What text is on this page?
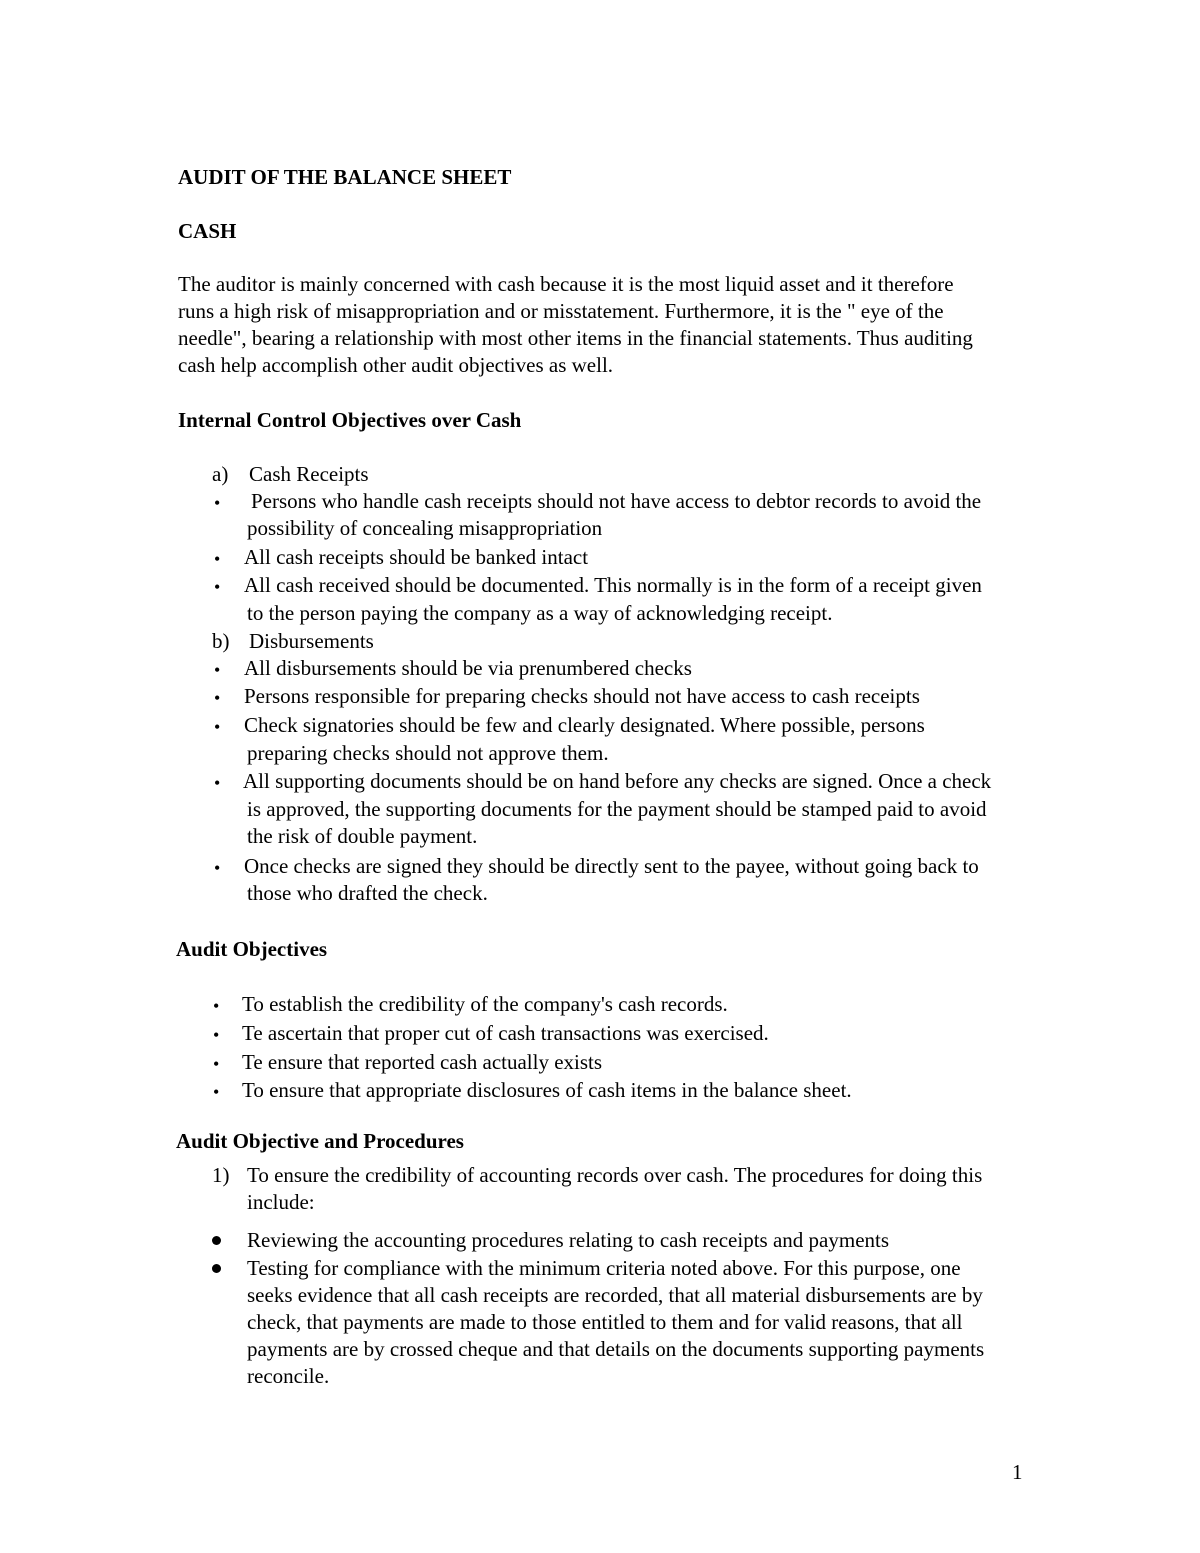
AUDIT OF THE BALANCE SHEET
CASH
The auditor is mainly concerned with cash because it is the most liquid asset and it therefore
runs a high risk of misappropriation and or misstatement. Furthermore, it is the " eye of the
needle", bearing a relationship with most other items in the financial statements. Thus auditing
cash help accomplish other audit objectives as well.
Internal Control Objectives over Cash
a) Cash Receipts
• Persons who handle cash receipts should not have access to debtor records to avoid the
possibility of concealing misappropriation
• All cash receipts should be banked intact
• All cash received should be documented. This normally is in the form of a receipt given
to the person paying the company as a way of acknowledging receipt.
b) Disbursements
• All disbursements should be via prenumbered checks
• Persons responsible for preparing checks should not have access to cash receipts
• Check signatories should be few and clearly designated. Where possible, persons
preparing checks should not approve them.
• All supporting documents should be on hand before any checks are signed. Once a check
is approved, the supporting documents for the payment should be stamped paid to avoid
the risk of double payment.
• Once checks are signed they should be directly sent to the payee, without going back to
those who drafted the check.
Audit Objectives
• To establish the credibility of the company's cash records.
• Te ascertain that proper cut of cash transactions was exercised.
• Te ensure that reported cash actually exists
• To ensure that appropriate disclosures of cash items in the balance sheet.
Audit Objective and Procedures
1) To ensure the credibility of accounting records over cash. The procedures for doing this
include:
Reviewing the accounting procedures relating to cash receipts and payments
Testing for compliance with the minimum criteria noted above. For this purpose, one
seeks evidence that all cash receipts are recorded, that all material disbursements are by
check, that payments are made to those entitled to them and for valid reasons, that all
payments are by crossed cheque and that details on the documents supporting payments
reconcile.
1
